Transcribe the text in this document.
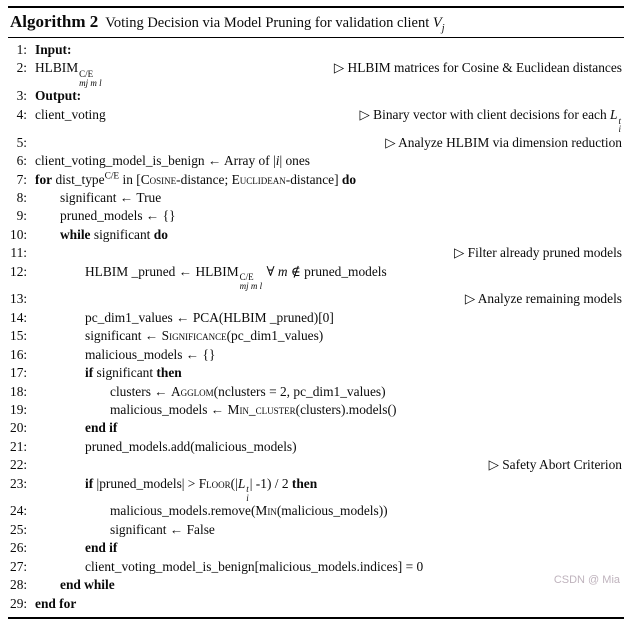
Algorithm 2 Voting Decision via Model Pruning for validation client $V_j$
1: Input:
2: HLBIM C/E
mj m l
▷ HLBIM matrices for Cosine & Euclidean distances
3: Output:
4: client_voting	▷ Binary vector with client decisions for each L t
i
5:	▷ Analyze HLBIM via dimension reduction
6: client_voting_model_is_benign ← Array of |i| ones
7: for dist_type$^{C/E}$ in [Cosine-distance; Euclidean-distance] do
8:	significant ← True
9:	pruned_models ← {}
10:	while significant do
11:	▷ Filter already pruned models
12:	HLBIM _pruned ← HLBIM C/E
mj m l
∀ m ∉ pruned_models
13:	▷ Analyze remaining models
14:	pc_dim1_values ← PCA(HLBIM _pruned)[0]
15:	significant ← Significance(pc_dim1_values)
16:	malicious_models ← {}
17:	if significant then
18:	clusters ← Agglom(nclusters = 2, pc_dim1_values)
19:	malicious_models ← Min_cluster(clusters).models()
20:	end if
21:	pruned_models.add(malicious_models)
22:	▷ Safety Abort Criterion
23:	if |pruned_models| > Floor(|L t
i
| -1) / 2 then
24:	malicious_models.remove(Min(malicious_models))
25:	significant ← False
26:	end if
27:	client_voting_model_is_benign[malicious_models.indices] = 0
28:	end while
29: end for
CSDN @ Mia
